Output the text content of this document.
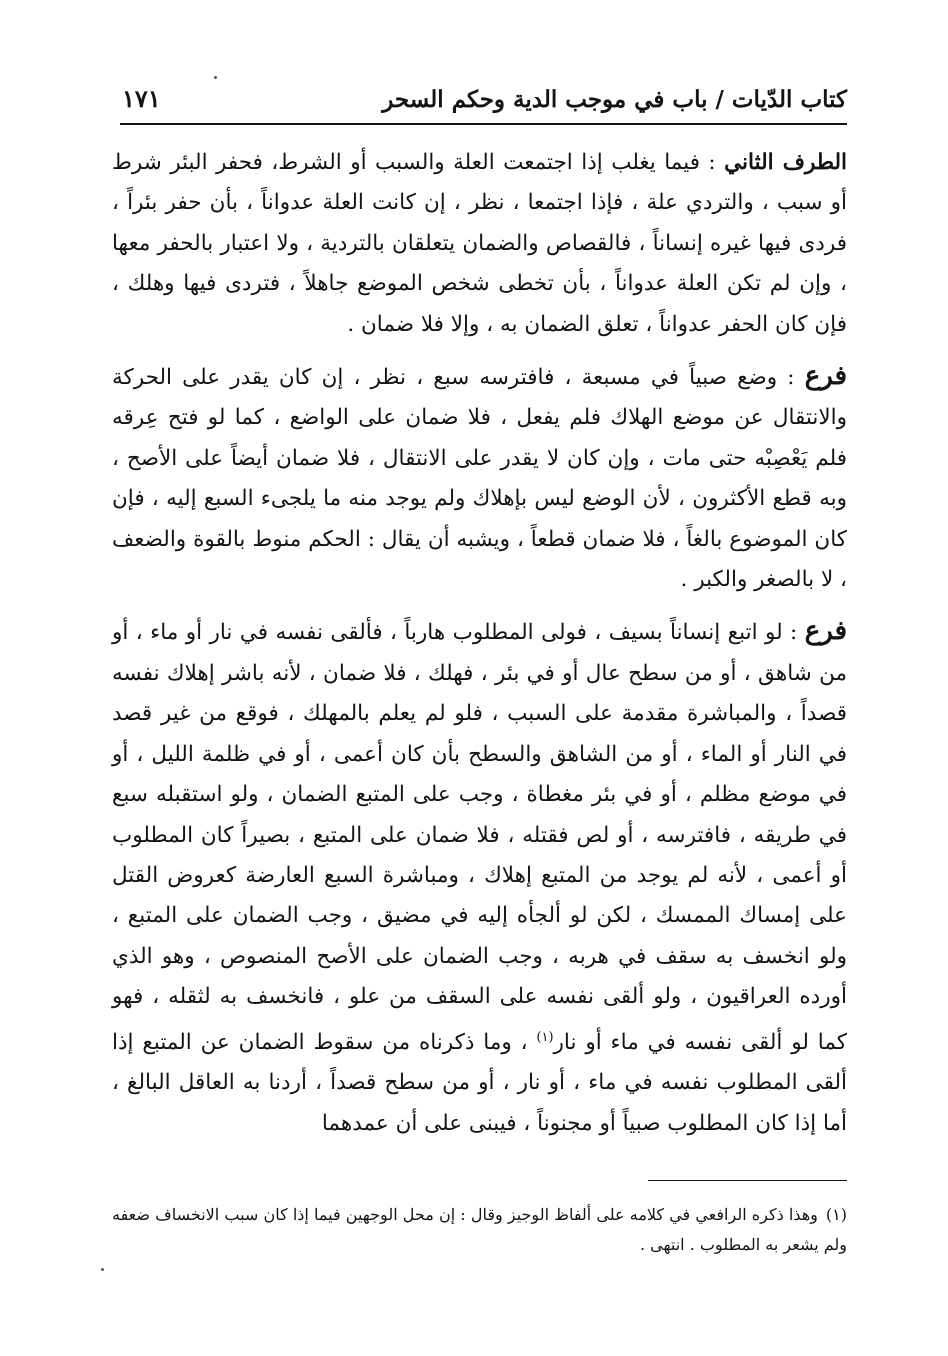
كتاب الدّيات / باب في موجب الدية وحكم السحر
١٧١

الطرف الثاني : فيما يغلب إذا اجتمعت العلة والسبب أو الشرط، فحفر البئر شرط أو سبب ، والتردي علة ، فإذا اجتمعا ، نظر ، إن كانت العلة عدواناً ، بأن حفر بئراً ، فردى فيها غيره إنساناً ، فالقصاص والضمان يتعلقان بالتردية ، ولا اعتبار بالحفر معها ، وإن لم تكن العلة عدواناً ، بأن تخطى شخص الموضع جاهلاً ، فتردى فيها وهلك ، فإن كان الحفر عدواناً ، تعلق الضمان به ، وإلا فلا ضمان .

فرع : وضع صبياً في مسبعة ، فافترسه سبع ، نظر ، إن كان يقدر على الحركة والانتقال عن موضع الهلاك فلم يفعل ، فلا ضمان على الواضع ، كما لو فتح عِرقه فلم يَعْصِبْه حتى مات ، وإن كان لا يقدر على الانتقال ، فلا ضمان أيضاً على الأصح ، وبه قطع الأكثرون ، لأن الوضع ليس بإهلاك ولم يوجد منه ما يلجىء السبع إليه ، فإن كان الموضوع بالغاً ، فلا ضمان قطعاً ، ويشبه أن يقال : الحكم منوط بالقوة والضعف ، لا بالصغر والكبر .

فرع : لو اتبع إنساناً بسيف ، فولى المطلوب هارباً ، فألقى نفسه في نار أو ماء ، أو من شاهق ، أو من سطح عال أو في بئر ، فهلك ، فلا ضمان ، لأنه باشر إهلاك نفسه قصداً ، والمباشرة مقدمة على السبب ، فلو لم يعلم بالمهلك ، فوقع من غير قصد في النار أو الماء ، أو من الشاهق والسطح بأن كان أعمى ، أو في ظلمة الليل ، أو في موضع مظلم ، أو في بئر مغطاة ، وجب على المتبع الضمان ، ولو استقبله سبع في طريقه ، فافترسه ، أو لص فقتله ، فلا ضمان على المتبع ، بصيراً كان المطلوب أو أعمى ، لأنه لم يوجد من المتبع إهلاك ، ومباشرة السبع العارضة كعروض القتل على إمساك الممسك ، لكن لو ألجأه إليه في مضيق ، وجب الضمان على المتبع ، ولو انخسف به سقف في هربه ، وجب الضمان على الأصح المنصوص ، وهو الذي أورده العراقيون ، ولو ألقى نفسه على السقف من علو ، فانخسف به لثقله ، فهو كما لو ألقى نفسه في ماء أو نار$^{(١)}$ ، وما ذكرناه من سقوط الضمان عن المتبع إذا ألقى المطلوب نفسه في ماء ، أو نار ، أو من سطح قصداً ، أردنا به العاقل البالغ ، أما إذا كان المطلوب صبياً أو مجنوناً ، فيبنى على أن عمدهما

(١)وهذا ذكره الرافعي في كلامه على ألفاظ الوجيز وقال : إن محل الوجهين فيما إذا كان سبب الانخساف ضعفه ولم يشعر به المطلوب . انتهى .
